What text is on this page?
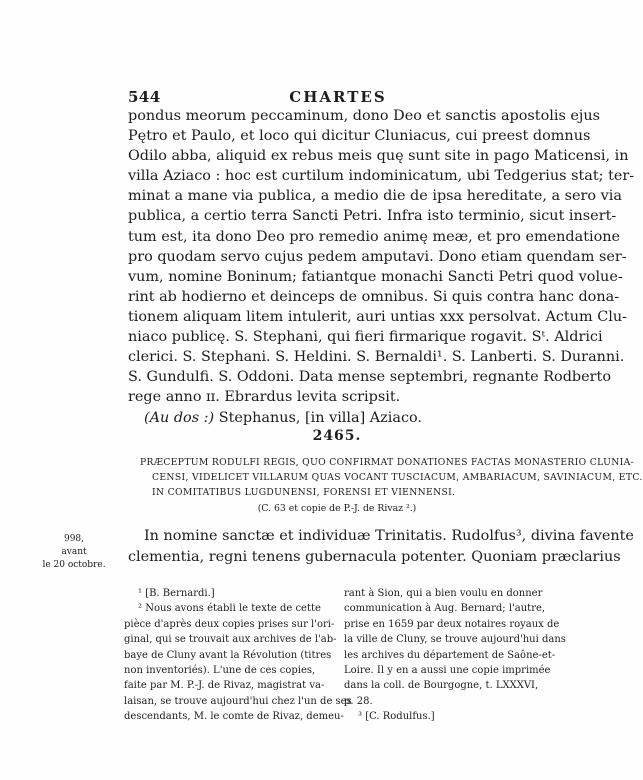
544	CHARTES

pondus meorum peccaminum, dono Deo et sanctis apostolis ejus
Pętro et Paulo, et loco qui dicitur Cluniacus, cui preest domnus
Odilo abba, aliquid ex rebus meis quę sunt site in pago Maticensi, in
villa Aziaco : hoc est curtilum indominicatum, ubi Tedgerius stat; ter-
minat a mane via publica, a medio die de ipsa hereditate, a sero via
publica, a certio terra Sancti Petri. Infra isto terminio, sicut insert-
tum est, ita dono Deo pro remedio animę meæ, et pro emendatione
pro quodam servo cujus pedem amputavi. Dono etiam quendam ser-
vum, nomine Boninum; fatiantque monachi Sancti Petri quod volue-
rint ab hodierno et deinceps de omnibus. Si quis contra hanc dona-
tionem aliquam litem intulerit, auri untias xxx persolvat. Actum Clu-
niaco publicę. S. Stephani, qui fieri firmarique rogavit. Sᵗ. Aldrici
clerici. S. Stephani. S. Heldini. S. Bernaldi¹. S. Lanberti. S. Duranni.
S. Gundulfi. S. Oddoni. Data mense septembri, regnante Rodberto
rege anno ɪɪ. Ebrardus levita scripsit.

(Au dos :) Stephanus, [in villa] Aziaco.

2465.
PRÆCEPTUM RODULFI REGIS, QUO CONFIRMAT DONATIONES FACTAS MONASTERIO CLUNIA-
CENSI, VIDELICET VILLARUM QUAS VOCANT TUSCIACUM, AMBARIACUM, SAVINIACUM, ETC.
IN COMITATIBUS LUGDUNENSI, FORENSI ET VIENNENSI.
(C. 63 et copie de P.-J. de Rivaz ².)
998,
avant
le 20 octobre.
In nomine sanctæ et individuæ Trinitatis. Rudolfus³, divina favente
clementia, regni tenens gubernacula potenter. Quoniam præclarius
¹ [B. Bernardi.]
² Nous avons établi le texte de cette
pièce d'après deux copies prises sur l'ori-
ginal, qui se trouvait aux archives de l'ab-
baye de Cluny avant la Révolution (titres
non inventoriés). L'une de ces copies,
faite par M. P.-J. de Rivaz, magistrat va-
laisan, se trouve aujourd'hui chez l'un de ses
descendants, M. le comte de Rivaz, demeu-
rant à Sion, qui a bien voulu en donner
communication à Aug. Bernard; l'autre,
prise en 1659 par deux notaires royaux de
la ville de Cluny, se trouve aujourd'hui dans
les archives du département de Saône-et-
Loire. Il y en a aussi une copie imprimée
dans la coll. de Bourgogne, t. LXXXVI,
p. 28.
³ [C. Rodulfus.]
